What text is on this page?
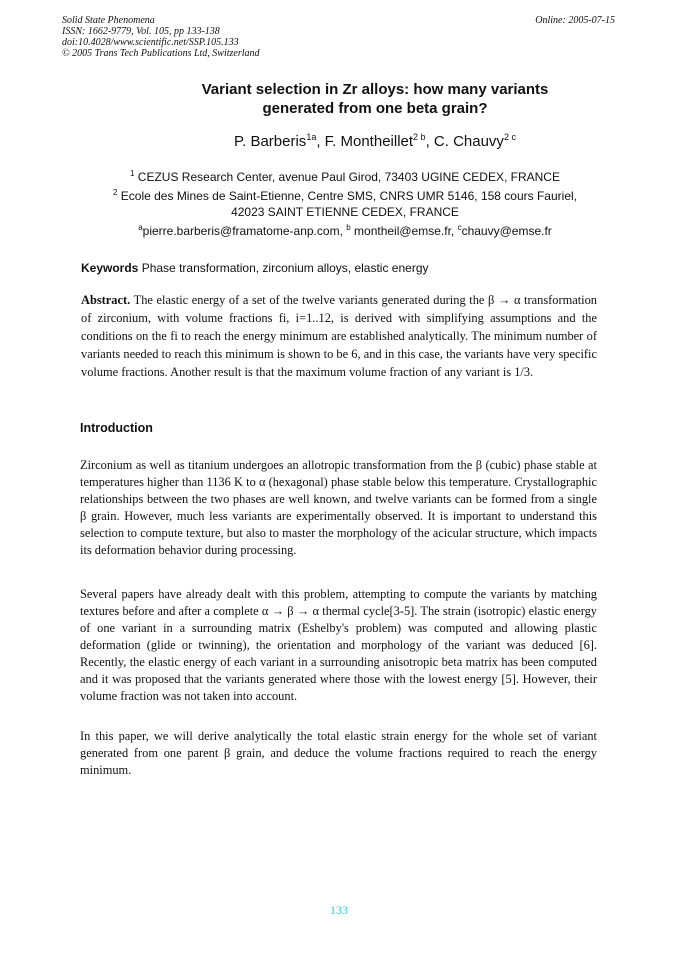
Solid State Phenomena
ISSN: 1662-9779, Vol. 105, pp 133-138
doi:10.4028/www.scientific.net/SSP.105.133
© 2005 Trans Tech Publications Ltd, Switzerland
Online: 2005-07-15
Variant selection in Zr alloys: how many variants
generated from one beta grain?
P. Barberis$^{1a}$, F. Montheillet$^{2 b}$, C. Chauvy$^{2 c}$
$^1$ CEZUS Research Center, avenue Paul Girod, 73403 UGINE CEDEX, FRANCE
$^2$ Ecole des Mines de Saint-Etienne, Centre SMS, CNRS UMR 5146, 158 cours Fauriel,
42023 SAINT ETIENNE CEDEX, FRANCE
$^a$pierre.barberis@framatome-anp.com, $^b$ montheil@emse.fr, $^c$chauvy@emse.fr
Keywords Phase transformation, zirconium alloys, elastic energy
Abstract. The elastic energy of a set of the twelve variants generated during the β → α transformation of zirconium, with volume fractions fi, i=1..12, is derived with simplifying assumptions and the conditions on the fi to reach the energy minimum are established analytically. The minimum number of variants needed to reach this minimum is shown to be 6, and in this case, the variants have very specific volume fractions. Another result is that the maximum volume fraction of any variant is 1/3.
Introduction

Zirconium as well as titanium undergoes an allotropic transformation from the β (cubic) phase stable at temperatures higher than 1136 K to α (hexagonal) phase stable below this temperature. Crystallographic relationships between the two phases are well known, and twelve variants can be formed from a single β grain. However, much less variants are experimentally observed. It is important to understand this selection to compute texture, but also to master the morphology of the acicular structure, which impacts its deformation behavior during processing.

Several papers have already dealt with this problem, attempting to compute the variants by matching textures before and after a complete α → β → α thermal cycle[3-5]. The strain (isotropic) elastic energy of one variant in a surrounding matrix (Eshelby's problem) was computed and allowing plastic deformation (glide or twinning), the orientation and morphology of the variant was deduced [6]. Recently, the elastic energy of each variant in a surrounding anisotropic beta matrix has been computed and it was proposed that the variants generated where those with the lowest energy [5]. However, their volume fraction was not taken into account.

In this paper, we will derive analytically the total elastic strain energy for the whole set of variant generated from one parent β grain, and deduce the volume fractions required to reach the energy minimum.

133
